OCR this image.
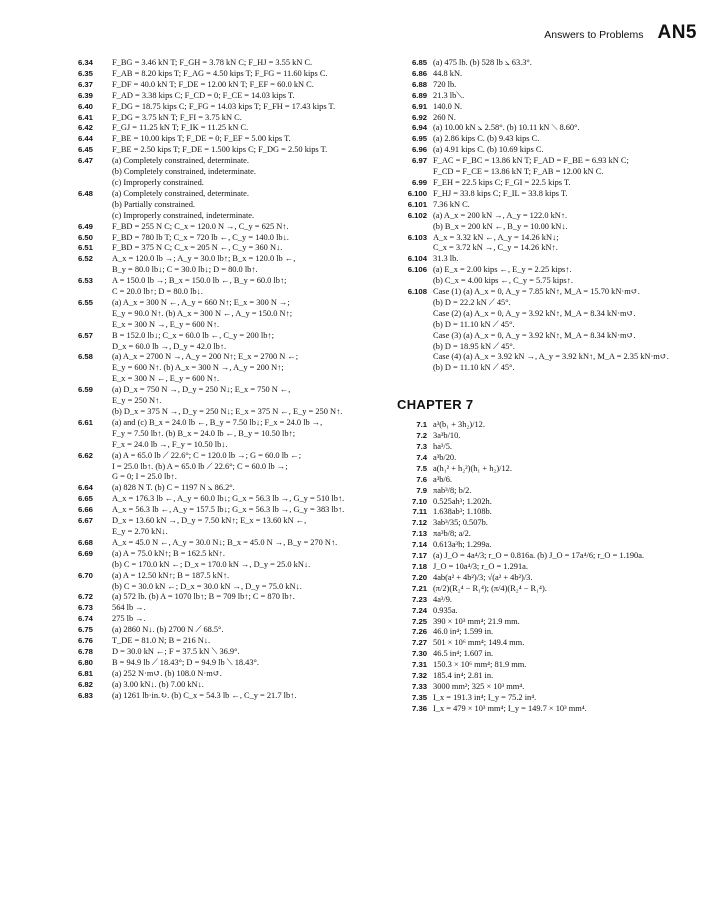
Answers to Problems AN5
6.34	F_BG = 3.46 kN T; F_GH = 3.78 kN C; F_HJ = 3.55 kN C.
6.35	F_AB = 8.20 kips T; F_AG = 4.50 kips T; F_FG = 11.60 kips C.
6.37	F_DF = 40.0 kN T; F_DE = 12.00 kN T; F_EF = 60.0 kN C.
6.39	F_AD = 3.38 kips C; F_CD = 0; F_CE = 14.03 kips T.
6.40	F_DG = 18.75 kips C; F_FG = 14.03 kips T; F_FH = 17.43 kips T.
6.41	F_DG = 3.75 kN T; F_FI = 3.75 kN C.
6.42	F_GJ = 11.25 kN T; F_IK = 11.25 kN C.
6.44	F_BE = 10.00 kips T; F_DE = 0; F_EF = 5.00 kips T.
6.45	F_BE = 2.50 kips T; F_DE = 1.500 kips C; F_DG = 2.50 kips T.
6.47	(a) Completely constrained, determinate.
(b) Completely constrained, indeterminate.
(c) Improperly constrained.
6.48	(a) Completely constrained, determinate.
(b) Partially constrained.
(c) Improperly constrained, indeterminate.
6.49	F_BD = 255 N C; C_x = 120.0 N →, C_y = 625 N↑.
6.50	F_BD = 780 lb T; C_x = 720 lb ←, C_y = 140.0 lb↓.
6.51	F_BD = 375 N C; C_x = 205 N ←, C_y = 360 N↓.
6.52	A_x = 120.0 lb →; A_y = 30.0 lb↑; B_x = 120.0 lb ←,
B_y = 80.0 lb↓; C = 30.0 lb↓; D = 80.0 lb↑.
6.53	A = 150.0 lb →; B_x = 150.0 lb ←, B_y = 60.0 lb↑;
C = 20.0 lb↑; D = 80.0 lb↓.
6.55	(a) A_x = 300 N ←, A_y = 660 N↑; E_x = 300 N →;
E_y = 90.0 N↑. (b) A_x = 300 N ←, A_y = 150.0 N↑;
E_x = 300 N →, E_y = 600 N↑.
6.57	B = 152.0 lb↓; C_x = 60.0 lb ←, C_y = 200 lb↑;
D_x = 60.0 lb →, D_y = 42.0 lb↑.
6.58	(a) A_x = 2700 N →, A_y = 200 N↑; E_x = 2700 N ←;
E_y = 600 N↑. (b) A_x = 300 N →, A_y = 200 N↑;
E_x = 300 N ←, E_y = 600 N↑.
6.59	(a) D_x = 750 N →, D_y = 250 N↓; E_x = 750 N ←,
E_y = 250 N↑.
(b) D_x = 375 N →, D_y = 250 N↓; E_x = 375 N ←, E_y = 250 N↑.
6.61	(a) and (c) B_x = 24.0 lb ←, B_y = 7.50 lb↓; F_x = 24.0 lb →,
F_y = 7.50 lb↑. (b) B_x = 24.0 lb ←, B_y = 10.50 lb↑;
F_x = 24.0 lb →, F_y = 10.50 lb↓.
6.62	(a) A = 65.0 lb ⟋ 22.6°; C = 120.0 lb →; G = 60.0 lb ←;
I = 25.0 lb↑. (b) A = 65.0 lb ⟋ 22.6°; C = 60.0 lb →;
G = 0; I = 25.0 lb↑.
6.64	(a) 828 N T. (b) C = 1197 N ⦣ 86.2°.
6.65	A_x = 176.3 lb ←, A_y = 60.0 lb↓; G_x = 56.3 lb →, G_y = 510 lb↑.
6.66	A_x = 56.3 lb ←, A_y = 157.5 lb↓; G_x = 56.3 lb →, G_y = 383 lb↑.
6.67	D_x = 13.60 kN →, D_y = 7.50 kN↑; E_x = 13.60 kN ←,
E_y = 2.70 kN↓.
6.68	A_x = 45.0 N ←, A_y = 30.0 N↓; B_x = 45.0 N →, B_y = 270 N↑.
6.69	(a) A = 75.0 kN↑; B = 162.5 kN↑.
(b) C = 170.0 kN ←; D_x = 170.0 kN →, D_y = 25.0 kN↓.
6.70	(a) A = 12.50 kN↑; B = 187.5 kN↑.
(b) C = 30.0 kN ←; D_x = 30.0 kN →, D_y = 75.0 kN↓.
6.72	(a) 572 lb. (b) A = 1070 lb↑; B = 709 lb↑; C = 870 lb↑.
6.73	564 lb →.
6.74	275 lb →.
6.75	(a) 2860 N↓. (b) 2700 N ⟋ 68.5°.
6.76	T_DE = 81.0 N; B = 216 N↓.
6.78	D = 30.0 kN ←; F = 37.5 kN ⟍ 36.9°.
6.80	B = 94.9 lb ⟋ 18.43°; D = 94.9 lb ⟍ 18.43°.
6.81	(a) 252 N·m↺. (b) 108.0 N·m↺.
6.82	(a) 3.00 kN↓. (b) 7.00 kN↓.
6.83	(a) 1261 lb·in.↻. (b) C_x = 54.3 lb ←, C_y = 21.7 lb↑.
6.85 (a) 475 lb. (b) 528 lb ⦣ 63.3°.
6.86 44.8 kN.
6.88 720 lb.
6.89 21.3 lb⟍.
6.91 140.0 N.
6.92 260 N.
6.94 (a) 10.00 kN ⦣ 2.58°. (b) 10.11 kN ⟍ 8.60°.
6.95 (a) 2.86 kips C. (b) 9.43 kips C.
6.96 (a) 4.91 kips C. (b) 10.69 kips C.
6.97 F_AC = F_BC = 13.86 kN T; F_AD = F_BE = 6.93 kN C;
F_CD = F_CE = 13.86 kN T; F_AB = 12.00 kN C.
6.99 F_EH = 22.5 kips C; F_GI = 22.5 kips T.
6.100 F_HJ = 33.8 kips C; F_IL = 33.8 kips T.
6.101 7.36 kN C.
6.102 (a) A_x = 200 kN →, A_y = 122.0 kN↑.
(b) B_x = 200 kN ←, B_y = 10.00 kN↓.
6.103 A_x = 3.32 kN ←, A_y = 14.26 kN↓;
C_x = 3.72 kN →, C_y = 14.26 kN↑.
6.104 31.3 lb.
6.106 (a) E_x = 2.00 kips ←, E_y = 2.25 kips↑.
(b) C_x = 4.00 kips ←, C_y = 5.75 kips↑.
6.108 Case (1) (a) A_x = 0, A_y = 7.85 kN↑, M_A = 15.70 kN·m↺.
(b) D = 22.2 kN ⟋ 45°.
Case (2) (a) A_x = 0, A_y = 3.92 kN↑, M_A = 8.34 kN·m↺.
(b) D = 11.10 kN ⟋ 45°.
Case (3) (a) A_x = 0, A_y = 3.92 kN↑, M_A = 8.34 kN·m↺.
(b) D = 18.95 kN ⟋ 45°.
Case (4) (a) A_x = 3.92 kN →, A_y = 3.92 kN↑, M_A = 2.35 kN·m↺.
(b) D = 11.10 kN ⟋ 45°.
CHAPTER 7
7.1 a³(b₁ + 3h₂)/12.
7.2 3a³b/10.
7.3 ha³/5.
7.4 a³b/20.
7.5 a(h₁² + h₂²)(h₁ + h₂)/12.
7.6 a³b/6.
7.9 πab³/8; b/2.
7.10 0.525ah³; 1.202h.
7.11 1.638ab³; 1.108b.
7.12 3ab³/35; 0.507b.
7.13 πa³b/8; a/2.
7.14 0.613a³h; 1.299a.
7.17 (a) J_O = 4a⁴/3; r_O = 0.816a. (b) J_O = 17a⁴/6; r_O = 1.190a.
7.18 J_O = 10a⁴/3; r_O = 1.291a.
7.20 4ab(a² + 4b²)/3; √(a² + 4b²)/3.
7.21 (π/2)(R₂⁴ − R₁⁴); (π/4)(R₂⁴ − R₁⁴).
7.23 4a³/9.
7.24 0.935a.
7.25 390 × 10³ mm⁴; 21.9 mm.
7.26 46.0 in⁴; 1.599 in.
7.27 501 × 10⁶ mm⁴; 149.4 mm.
7.30 46.5 in⁴; 1.607 in.
7.31 150.3 × 10⁶ mm⁴; 81.9 mm.
7.32 185.4 in⁴; 2.81 in.
7.33 3000 mm²; 325 × 10³ mm⁴.
7.35 I_x = 191.3 in⁴; I_y = 75.2 in⁴.
7.36 I_x = 479 × 10³ mm⁴; I_y = 149.7 × 10³ mm⁴.
